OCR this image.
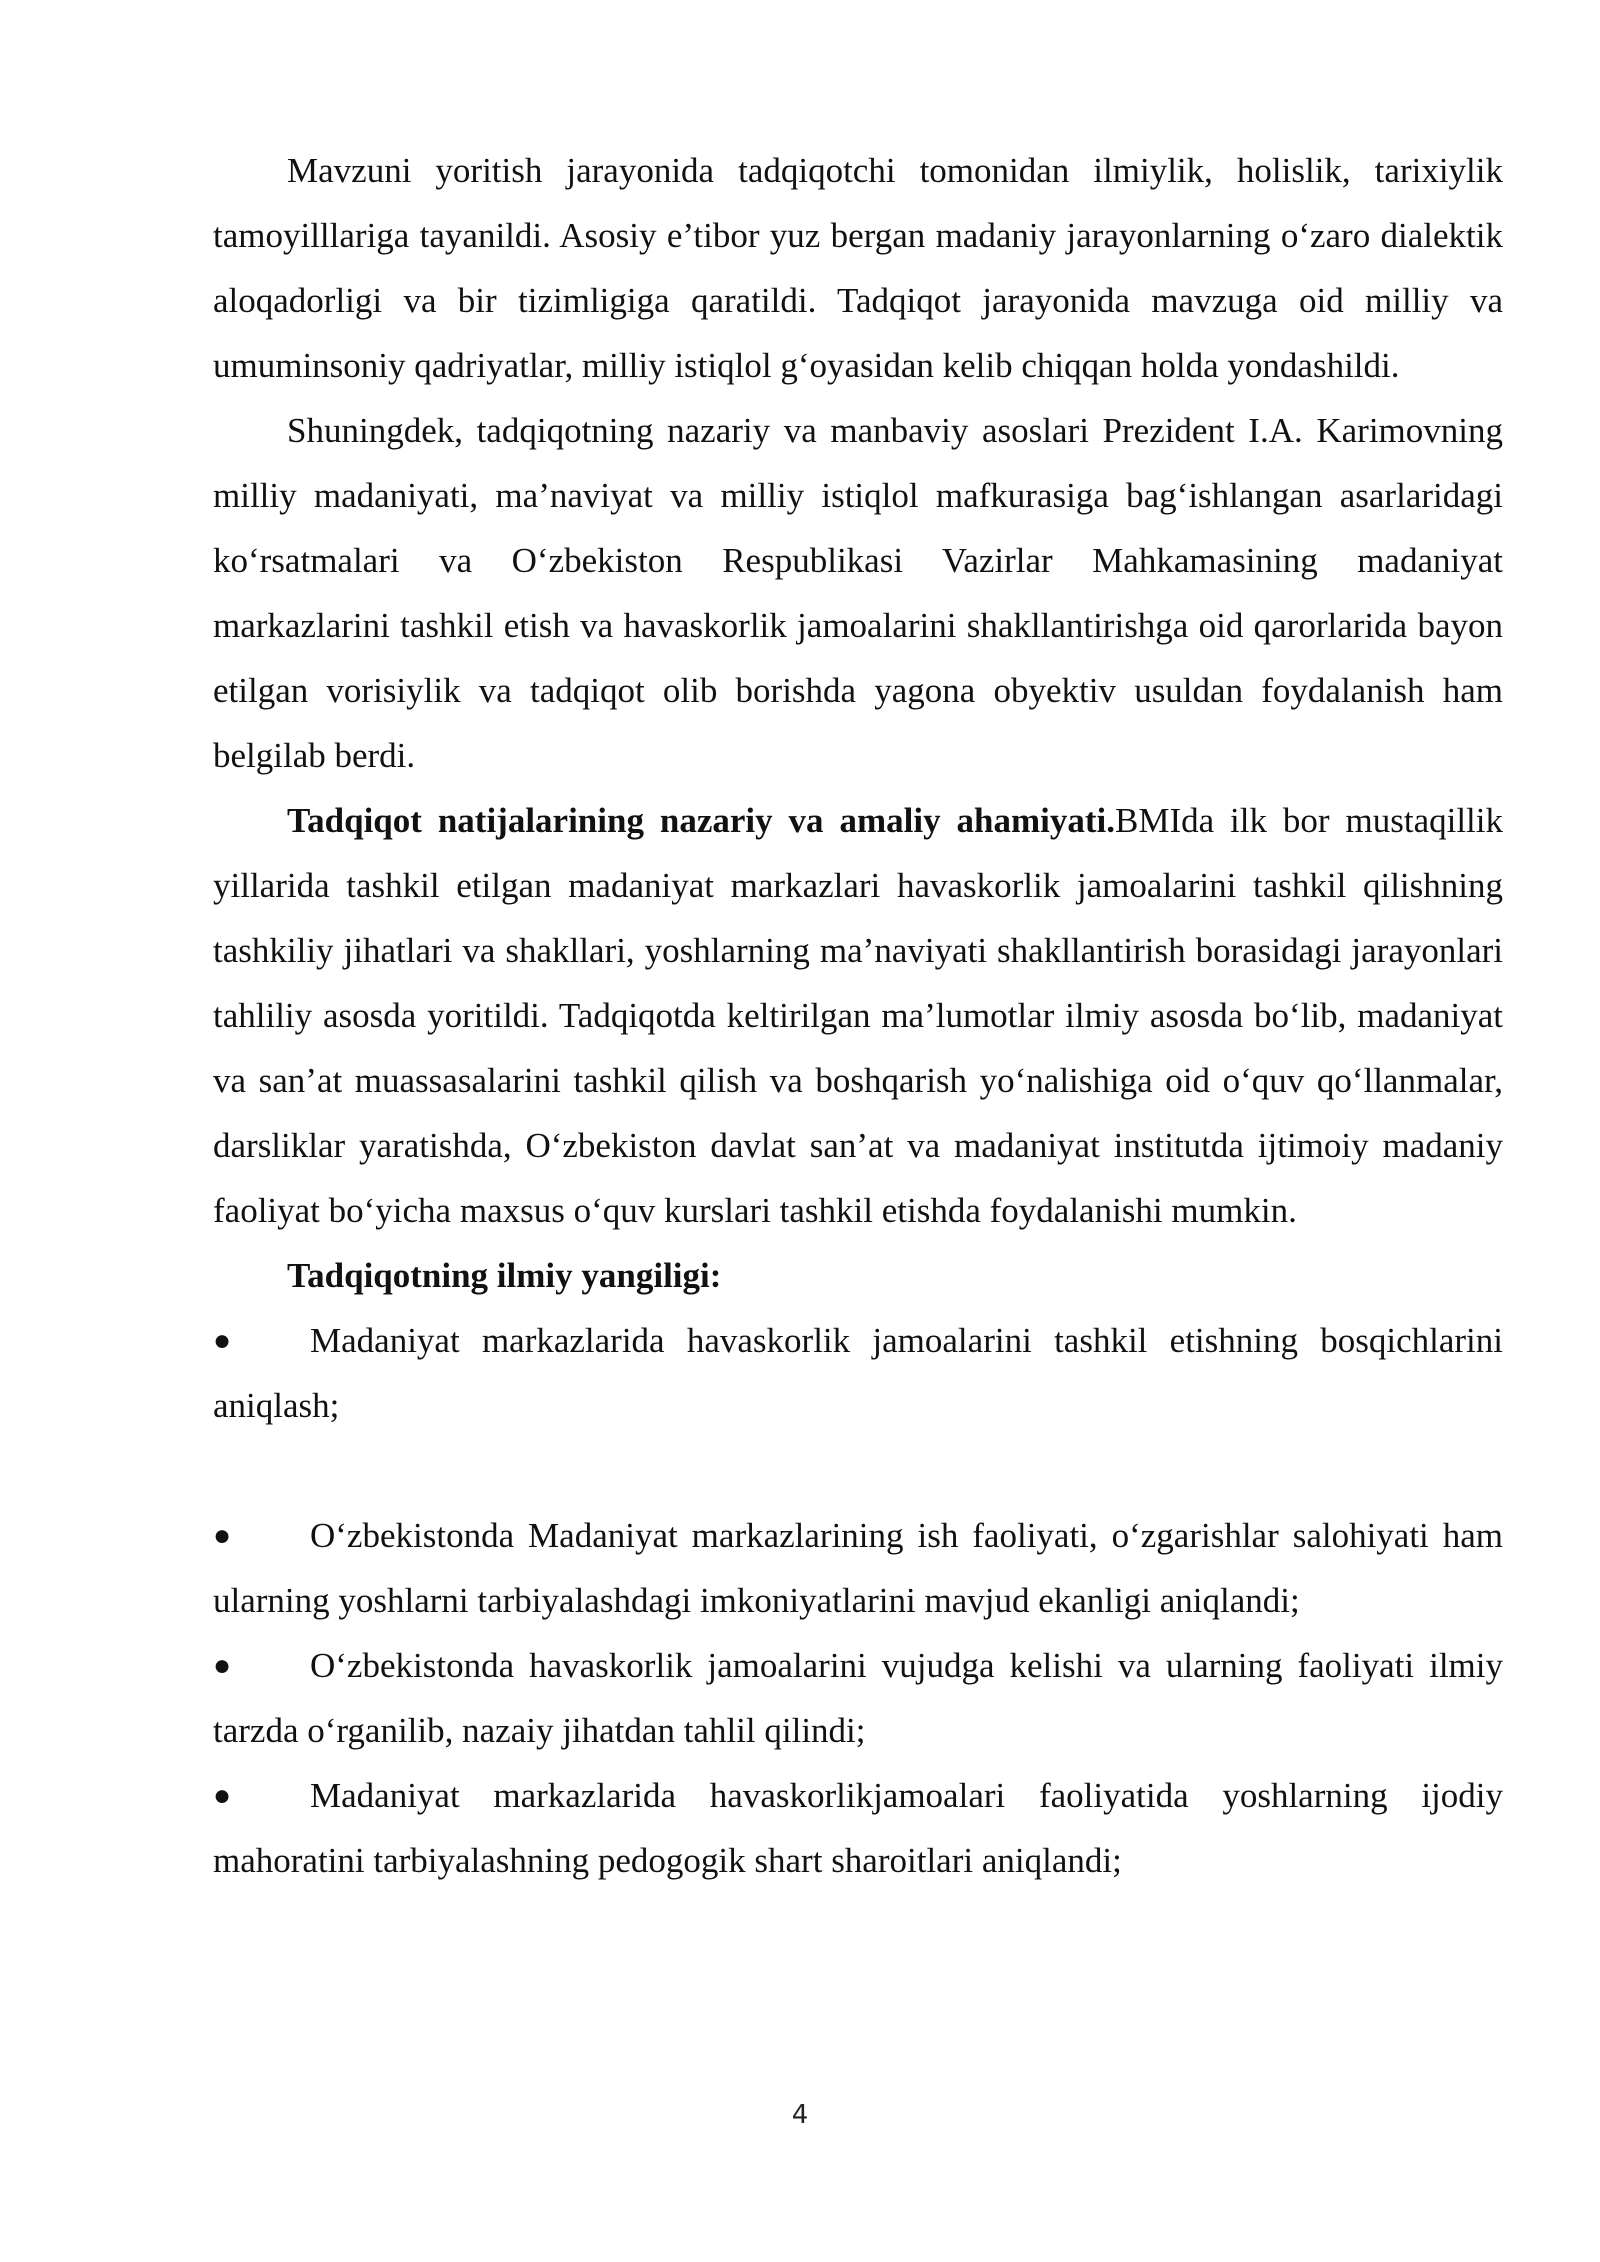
Mavzuni yoritish jarayonida tadqiqotchi tomonidan ilmiylik, holislik, tarixiylik tamoyilllariga tayanildi. Asosiy e’tibor yuz bergan madaniy jarayonlarning o‘zaro dialektik aloqadorligi va bir tizimligiga qaratildi. Tadqiqot jarayonida mavzuga oid milliy va umuminsoniy qadriyatlar, milliy istiqlol g‘oyasidan kelib chiqqan holda yondashildi.

Shuningdek, tadqiqotning nazariy va manbaviy asoslari Prezident I.A. Karimovning milliy madaniyati, ma’naviyat va milliy istiqlol mafkurasiga bag‘ishlangan asarlaridagi ko‘rsatmalari va O‘zbekiston Respublikasi Vazirlar Mahkamasining madaniyat markazlarini tashkil etish va havaskorlik jamoalarini shakllantirishga oid qarorlarida bayon etilgan vorisiylik va tadqiqot olib borishda yagona obyektiv usuldan foydalanish ham belgilab berdi.

Tadqiqot natijalarining nazariy va amaliy ahamiyati.BMIda ilk bor mustaqillik yillarida tashkil etilgan madaniyat markazlari havaskorlik jamoalarini tashkil qilishning tashkiliy jihatlari va shakllari, yoshlarning ma’naviyati shakllantirish borasidagi jarayonlari tahliliy asosda yoritildi. Tadqiqotda keltirilgan ma’lumotlar ilmiy asosda bo‘lib, madaniyat va san’at muassasalarini tashkil qilish va boshqarish yo‘nalishiga oid o‘quv qo‘llanmalar, darsliklar yaratishda, O‘zbekiston davlat san’at va madaniyat institutda ijtimoiy madaniy faoliyat bo‘yicha maxsus o‘quv kurslari tashkil etishda foydalanishi mumkin.

Tadqiqotning ilmiy yangiligi:

● Madaniyat markazlarida havaskorlik jamoalarini tashkil etishning bosqichlarini aniqlash;

● O‘zbekistonda Madaniyat markazlarining ish faoliyati, o‘zgarishlar salohiyati ham ularning yoshlarni tarbiyalashdagi imkoniyatlarini mavjud ekanligi aniqlandi;

● O‘zbekistonda havaskorlik jamoalarini vujudga kelishi va ularning faoliyati ilmiy tarzda o‘rganilib, nazaiy jihatdan tahlil qilindi;

● Madaniyat markazlarida havaskorlikjamoalari faoliyatida yoshlarning ijodiy mahoratini tarbiyalashning pedogogik shart sharoitlari aniqlandi;

4
